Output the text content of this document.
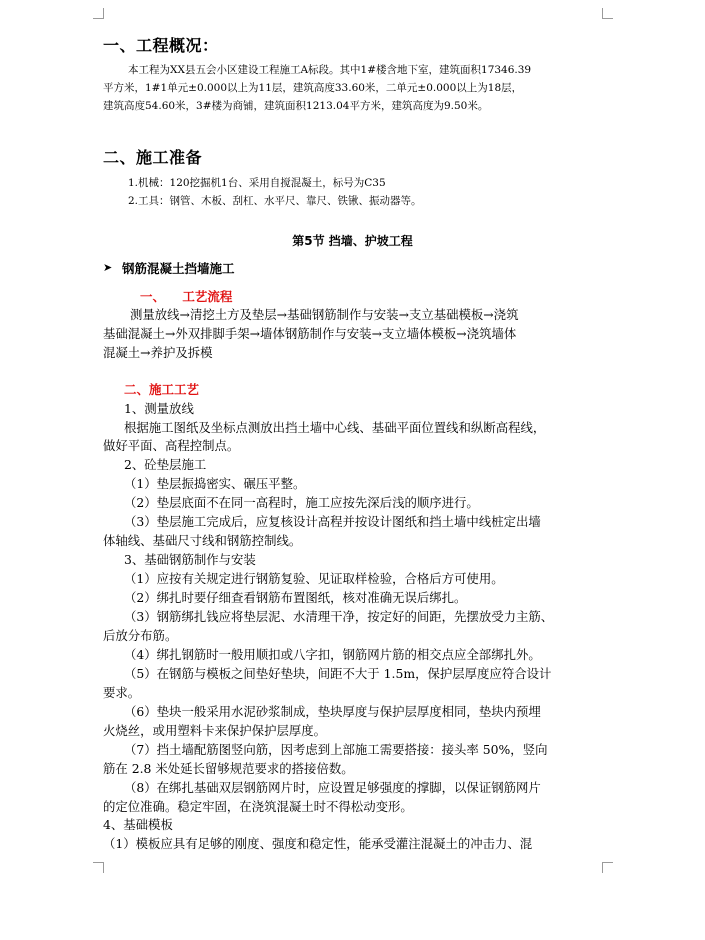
一、工程概况：
本工程为XX县五会小区建设工程施工A标段。其中1#楼含地下室，建筑面积17346.39
平方米，1#1单元±0.000以上为11层，建筑高度33.60米，二单元±0.000以上为18层，
建筑高度54.60米，3#楼为商铺，建筑面积1213.04平方米，建筑高度为9.50米。
二、施工准备
1.机械：120挖掘机1台、采用自搅混凝土，标号为C35
2.工具：钢管、木板、刮杠、水平尺、靠尺、铁锹、振动器等。
第5节 挡墙、护坡工程
➤ 钢筋混凝土挡墙施工
一、    工艺流程
测量放线→清挖土方及垫层→基础钢筋制作与安装→支立基础模板→浇筑
基础混凝土→外双排脚手架→墙体钢筋制作与安装→支立墙体模板→浇筑墙体
混凝土→养护及拆模
二、施工工艺
1、测量放线
根据施工图纸及坐标点测放出挡土墙中心线、基础平面位置线和纵断高程线，
做好平面、高程控制点。
2、砼垫层施工
（1）垫层振捣密实、碾压平整。
（2）垫层底面不在同一高程时，施工应按先深后浅的顺序进行。
（3）垫层施工完成后，应复核设计高程并按设计图纸和挡土墙中线桩定出墙
体轴线、基础尺寸线和钢筋控制线。
3、基础钢筋制作与安装
（1）应按有关规定进行钢筋复验、见证取样检验，合格后方可使用。
（2）绑扎时要仔细查看钢筋布置图纸，核对准确无误后绑扎。
（3）钢筋绑扎钱应将垫层泥、水清理干净，按定好的间距，先摆放受力主筋、
后放分布筋。
（4）绑扎钢筋时一般用顺扣或八字扣，钢筋网片筋的相交点应全部绑扎外。
（5）在钢筋与模板之间垫好垫块，间距不大于 1.5m，保护层厚度应符合设计
要求。
（6）垫块一般采用水泥砂浆制成，垫块厚度与保护层厚度相同，垫块内预埋
火烧丝，或用塑料卡来保护保护层厚度。
（7）挡土墙配筋图竖向筋，因考虑到上部施工需要搭接：接头率 50%，竖向
筋在 2.8 米处延长留够规范要求的搭接倍数。
（8）在绑扎基础双层钢筋网片时，应设置足够强度的撑脚，以保证钢筋网片
的定位准确。稳定牢固，在浇筑混凝土时不得松动变形。
4、基础模板
（1）模板应具有足够的刚度、强度和稳定性，能承受灌注混凝土的冲击力、混
